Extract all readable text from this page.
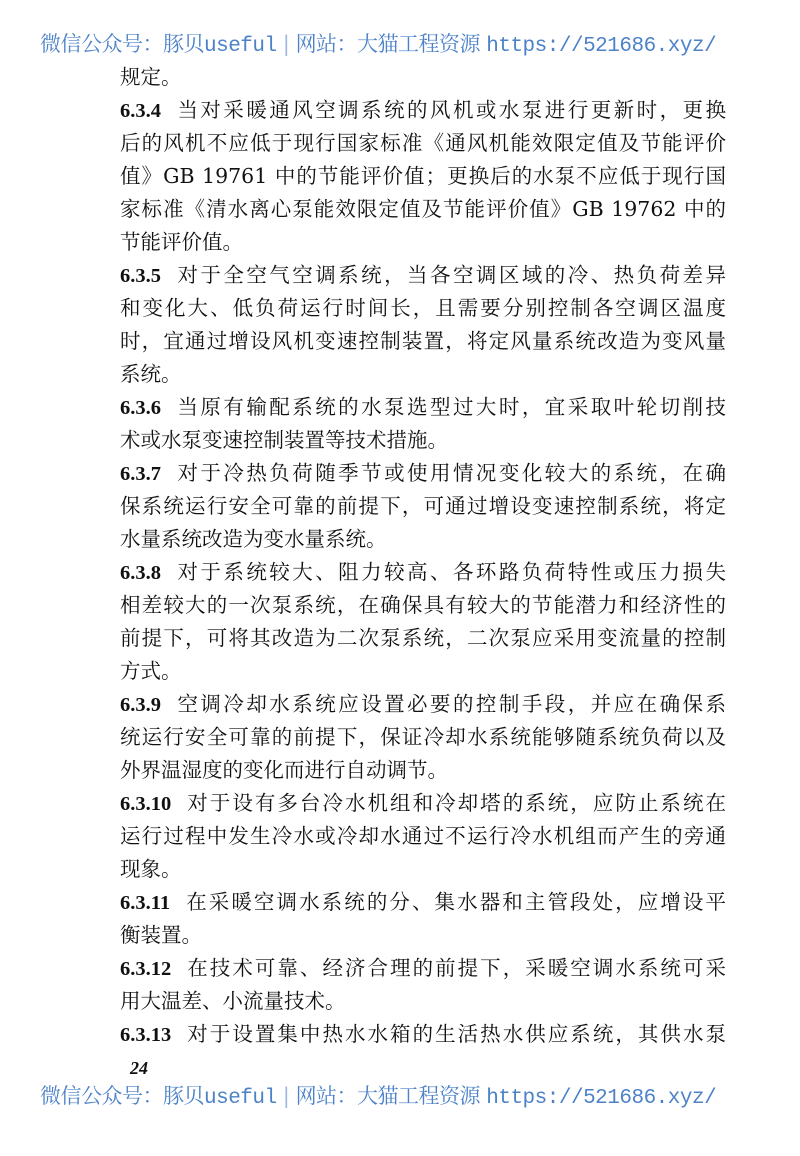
微信公众号：豚贝useful | 网站：大猫工程资源 https://521686.xyz/
规定。
6.3.4 当对采暖通风空调系统的风机或水泵进行更新时，更换
后的风机不应低于现行国家标准《通风机能效限定值及节能评价
值》GB 19761 中的节能评价值；更换后的水泵不应低于现行国
家标准《清水离心泵能效限定值及节能评价值》GB 19762 中的
节能评价值。
6.3.5 对于全空气空调系统，当各空调区域的冷、热负荷差异
和变化大、低负荷运行时间长，且需要分别控制各空调区温度
时，宜通过增设风机变速控制装置，将定风量系统改造为变风量
系统。
6.3.6 当原有输配系统的水泵选型过大时，宜采取叶轮切削技
术或水泵变速控制装置等技术措施。
6.3.7 对于冷热负荷随季节或使用情况变化较大的系统，在确
保系统运行安全可靠的前提下，可通过增设变速控制系统，将定
水量系统改造为变水量系统。
6.3.8 对于系统较大、阻力较高、各环路负荷特性或压力损失
相差较大的一次泵系统，在确保具有较大的节能潜力和经济性的
前提下，可将其改造为二次泵系统，二次泵应采用变流量的控制
方式。
6.3.9 空调冷却水系统应设置必要的控制手段，并应在确保系
统运行安全可靠的前提下，保证冷却水系统能够随系统负荷以及
外界温湿度的变化而进行自动调节。
6.3.10 对于设有多台冷水机组和冷却塔的系统，应防止系统在
运行过程中发生冷水或冷却水通过不运行冷水机组而产生的旁通
现象。
6.3.11 在采暖空调水系统的分、集水器和主管段处，应增设平
衡装置。
6.3.12 在技术可靠、经济合理的前提下，采暖空调水系统可采
用大温差、小流量技术。
6.3.13 对于设置集中热水水箱的生活热水供应系统，其供水泵
24
微信公众号：豚贝useful | 网站：大猫工程资源 https://521686.xyz/
